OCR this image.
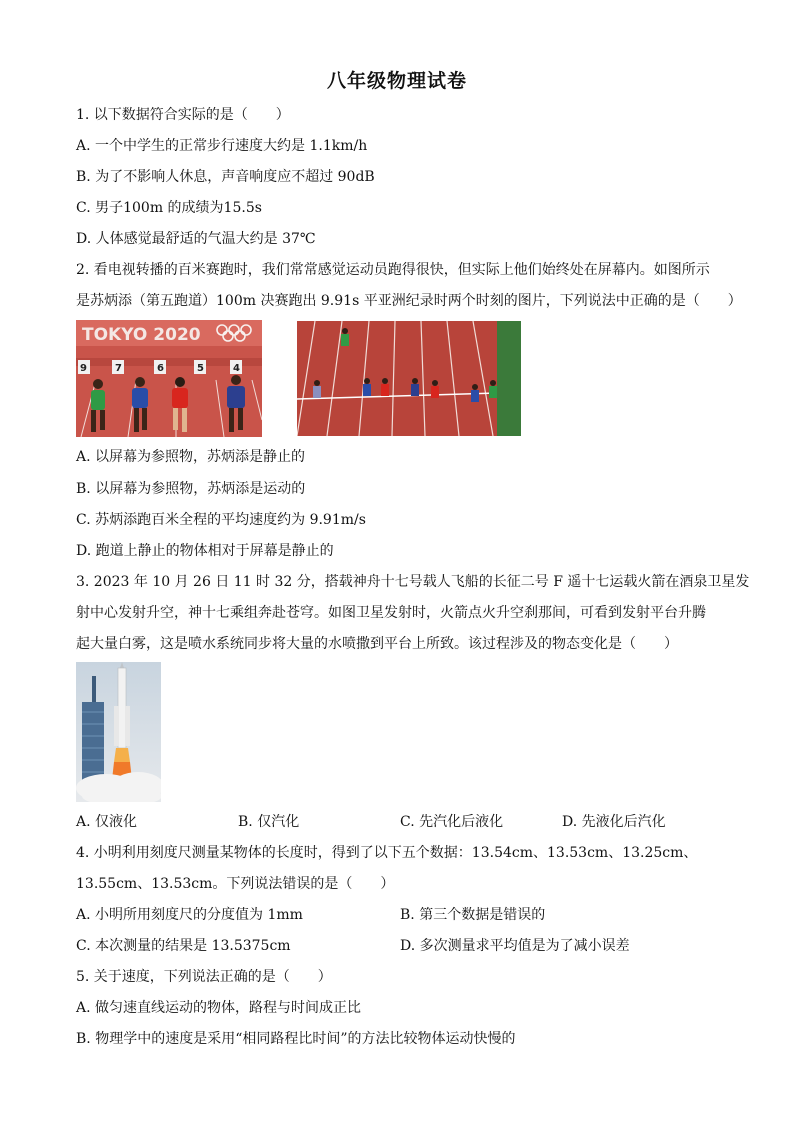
八年级物理试卷
1. 以下数据符合实际的是（　　）
A. 一个中学生的正常步行速度大约是 1.1km/h
B. 为了不影响人休息，声音响度应不超过 90dB
C. 男子100m 的成绩为15.5s
D. 人体感觉最舒适的气温大约是 37℃
2. 看电视转播的百米赛跑时，我们常常感觉运动员跑得很快，但实际上他们始终处在屏幕内。如图所示
是苏炳添（第五跑道）100m 决赛跑出 9.91s 平亚洲纪录时两个时刻的图片，下列说法中正确的是（　　）
TOKYO 2020
9	7	6	5	4
A. 以屏幕为参照物，苏炳添是静止的
B. 以屏幕为参照物，苏炳添是运动的
C. 苏炳添跑百米全程的平均速度约为 9.91m/s
D. 跑道上静止的物体相对于屏幕是静止的
3. 2023 年 10 月 26 日 11 时 32 分，搭载神舟十七号载人飞船的长征二号 F 遥十七运载火箭在酒泉卫星发
射中心发射升空，神十七乘组奔赴苍穹。如图卫星发射时，火箭点火升空刹那间，可看到发射平台升腾
起大量白雾，这是喷水系统同步将大量的水喷撒到平台上所致。该过程涉及的物态变化是（　　）
A. 仅液化	B. 仅汽化	C. 先汽化后液化	D. 先液化后汽化
4. 小明利用刻度尺测量某物体的长度时，得到了以下五个数据：13.54cm、13.53cm、13.25cm、
13.55cm、13.53cm。下列说法错误的是（　　）
A. 小明所用刻度尺的分度值为 1mm	B. 第三个数据是错误的
C. 本次测量的结果是 13.5375cm	D. 多次测量求平均值是为了减小误差
5. 关于速度，下列说法正确的是（　　）
A. 做匀速直线运动的物体，路程与时间成正比
B. 物理学中的速度是采用“相同路程比时间”的方法比较物体运动快慢的
